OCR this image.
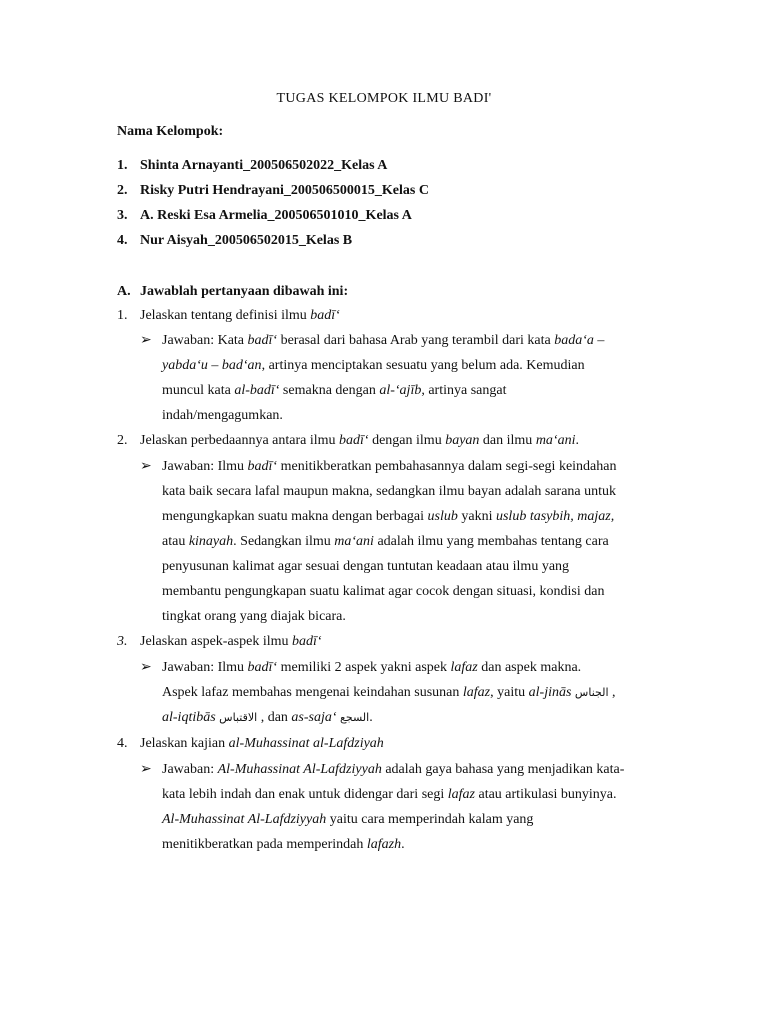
TUGAS KELOMPOK ILMU BADI'
Nama Kelompok:
1. Shinta Arnayanti_200506502022_Kelas A
2. Risky Putri Hendrayani_200506500015_Kelas C
3. A. Reski Esa Armelia_200506501010_Kelas A
4. Nur Aisyah_200506502015_Kelas B
A. Jawablah pertanyaan dibawah ini:
1. Jelaskan tentang definisi ilmu badī‘
➢ Jawaban: Kata badī‘ berasal dari bahasa Arab yang terambil dari kata bada‘a –
yabda‘u – bad‘an, artinya menciptakan sesuatu yang belum ada. Kemudian
muncul kata al-badī‘ semakna dengan al-‘ajīb, artinya sangat
indah/mengagumkan.
2. Jelaskan perbedaannya antara ilmu badī‘ dengan ilmu bayan dan ilmu ma‘ani.
➢ Jawaban: Ilmu badī‘ menitikberatkan pembahasannya dalam segi-segi keindahan
kata baik secara lafal maupun makna, sedangkan ilmu bayan adalah sarana untuk
mengungkapkan suatu makna dengan berbagai uslub yakni uslub tasybih, majaz,
atau kinayah. Sedangkan ilmu ma‘ani adalah ilmu yang membahas tentang cara
penyusunan kalimat agar sesuai dengan tuntutan keadaan atau ilmu yang
membantu pengungkapan suatu kalimat agar cocok dengan situasi, kondisi dan
tingkat orang yang diajak bicara.
3. Jelaskan aspek-aspek ilmu badī‘
➢ Jawaban: Ilmu badī‘ memiliki 2 aspek yakni aspek lafaz dan aspek makna.
Aspek lafaz membahas mengenai keindahan susunan lafaz, yaitu al-jinās الجناس ,
al-iqtibās الاقتباس , dan as-saja‘ السجع.
4. Jelaskan kajian al-Muhassinat al-Lafdziyah
➢ Jawaban: Al-Muhassinat Al-Lafdziyyah adalah gaya bahasa yang menjadikan kata-
kata lebih indah dan enak untuk didengar dari segi lafaz atau artikulasi bunyinya.
Al-Muhassinat Al-Lafdziyyah yaitu cara memperindah kalam yang
menitikberatkan pada memperindah lafazh.
